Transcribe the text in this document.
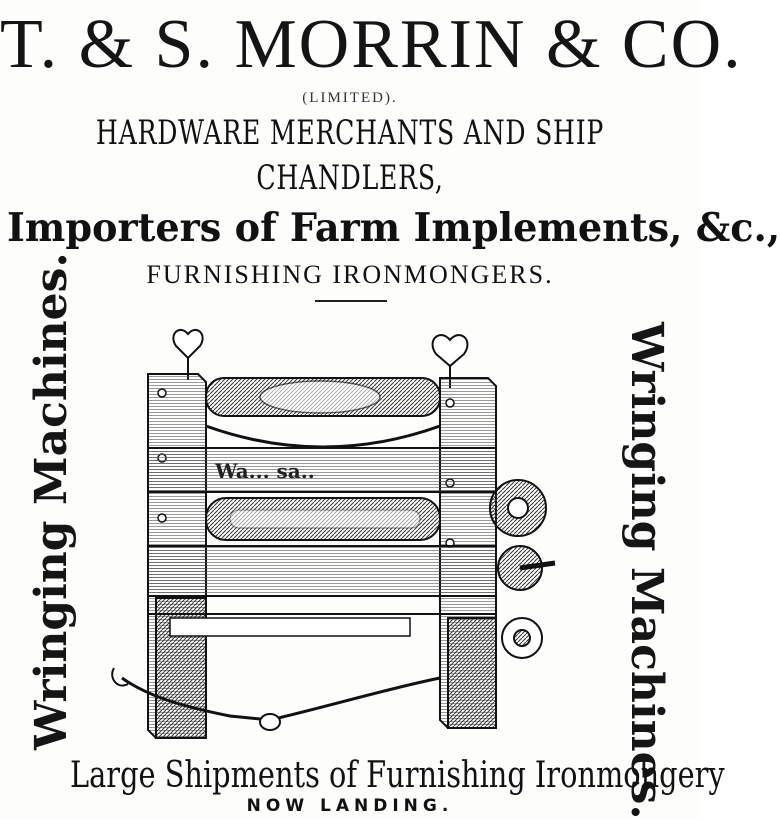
T. & S. MORRIN & CO.
(LIMITED).
HARDWARE MERCHANTS AND SHIP
CHANDLERS,
Importers of Farm Implements, &c.,
FURNISHING IRONMONGERS.
Wringing Machines.	Wringing Machines.
Wa... sa..
Large Shipments of Furnishing Ironmongery
NOW LANDING.
